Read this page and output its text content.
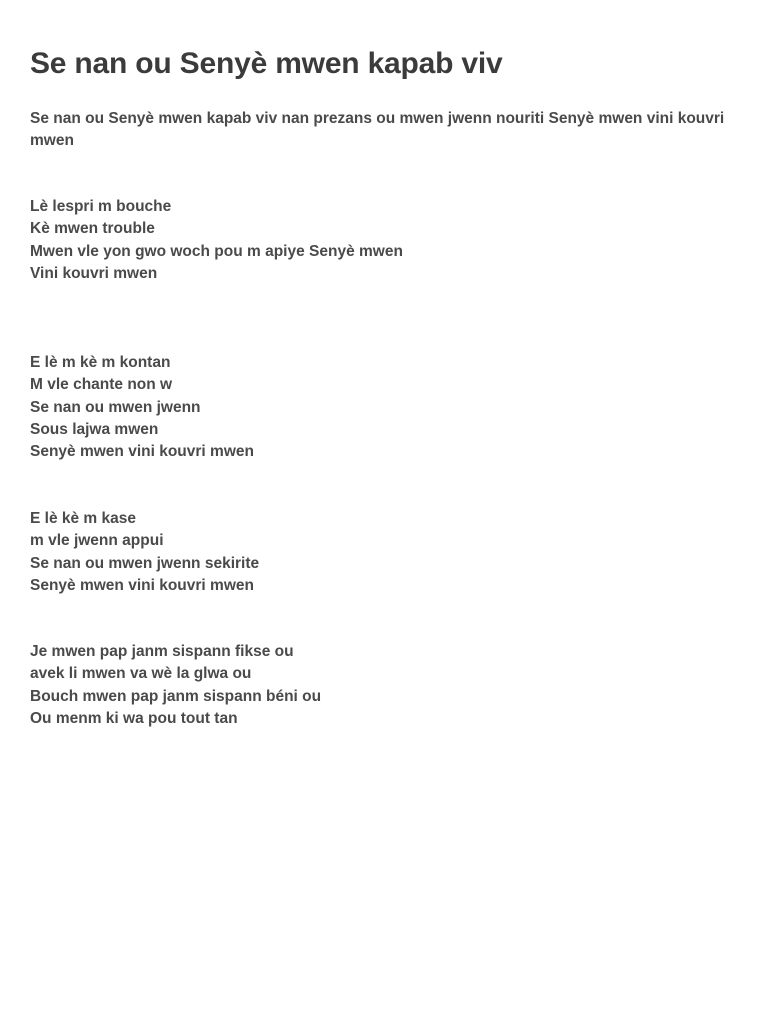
Se nan ou Senyè mwen kapab viv

Se nan ou Senyè mwen kapab viv nan prezans ou mwen jwenn nouriti Senyè mwen vini kouvri mwen

Lè lespri m bouche
Kè mwen trouble
Mwen vle yon gwo woch pou m apiye Senyè mwen
Vini kouvri mwen
E lè m kè m kontan
M vle chante non w
Se nan ou mwen jwenn
Sous lajwa mwen
Senyè mwen vini kouvri mwen
E lè kè m kase
m vle jwenn appui
Se nan ou mwen jwenn sekirite
Senyè mwen vini kouvri mwen
Je mwen pap janm sispann fikse ou
avek li mwen va wè la glwa ou
Bouch mwen pap janm sispann béni ou
Ou menm ki wa pou tout tan
